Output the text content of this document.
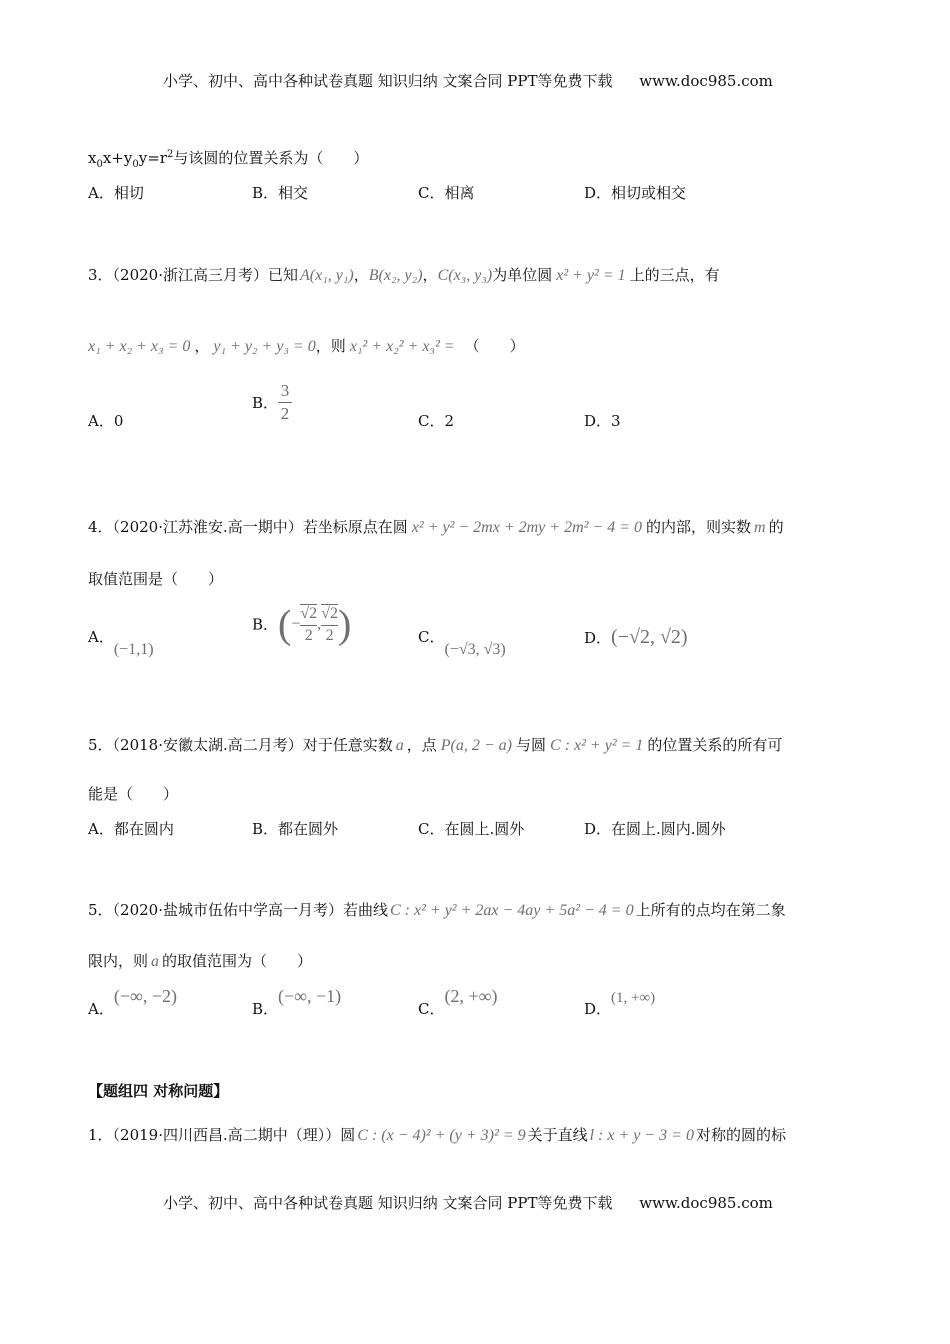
小学、初中、高中各种试卷真题 知识归纳 文案合同 PPT等免费下载 www.doc985.com
$x_0x+y_0y=r^2$与该圆的位置关系为（　　）
A．相切	B．相交	C．相离	D．相切或相交
3．（2020·浙江高三月考）已知 A(x₁, y₁)，B(x₂, y₂)，C(x₃, y₃)为单位圆 x² + y² = 1 上的三点，有
x₁ + x₂ + x₃ = 0 ， y₁ + y₂ + y₃ = 0，则 x₁² + x₂² + x₃² = （　　）
A．0
B． $\frac{3}{2}$	C．2	D．3
4．（2020·江苏淮安.高一期中）若坐标原点在圆 x² + y² − 2mx + 2my + 2m² − 4 = 0 的内部，则实数 m 的
取值范围是（　　）
A．(−1,1)
B．(− $\frac{√2}{2}$ , $\frac{√2}{2}$ )	C．(−√3, √3)
D．(−√2, √2)
5．（2018·安徽太湖.高二月考）对于任意实数 a ，点 P(a, 2 − a) 与圆 C : x² + y² = 1 的位置关系的所有可
能是（　　）
A．都在圆内	B．都在圆外	C．在圆上.圆外	D．在圆上.圆内.圆外
5．（2020·盐城市伍佑中学高一月考）若曲线 C : x² + y² + 2ax − 4ay + 5a² − 4 = 0 上所有的点均在第二象
限内，则 a 的取值范围为（　　）
A．(−∞, −2)
B．(−∞, −1)
C．(2, +∞)
D．(1, +∞)
【题组四 对称问题】
1．（2019·四川西昌.高二期中（理））圆 C : (x − 4)² + (y + 3)² = 9 关于直线 l : x + y − 3 = 0 对称的圆的标
小学、初中、高中各种试卷真题 知识归纳 文案合同 PPT等免费下载 www.doc985.com
